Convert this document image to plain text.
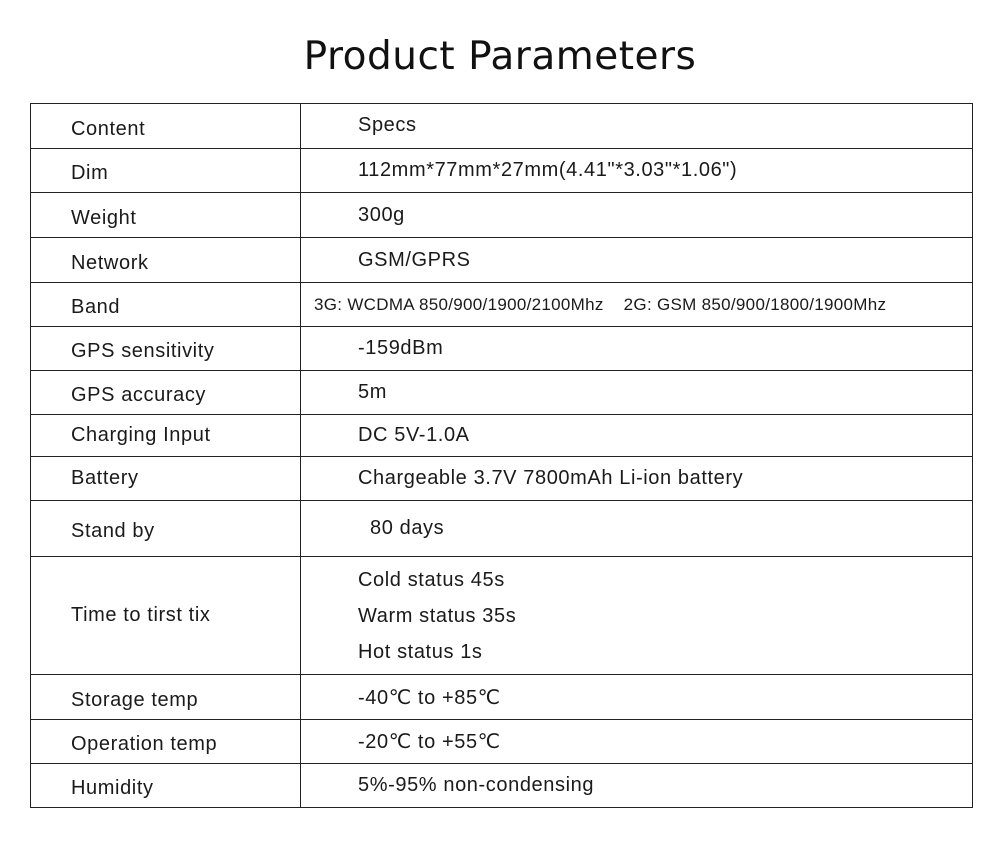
Product Parameters
Content	Specs
Dim	112mm*77mm*27mm(4.41"*3.03"*1.06")
Weight	300g
Network	GSM/GPRS
Band	3G: WCDMA 850/900/1900/2100Mhz 2G: GSM 850/900/1800/1900Mhz
GPS sensitivity	-159dBm
GPS accuracy	5m
Charging Input	DC 5V-1.0A
Battery	Chargeable 3.7V 7800mAh Li-ion battery
Stand by	80 days
Time to tirst tix	Cold status 45s
Warm status 35s
Hot status 1s

Storage temp	-40℃ to +85℃
Operation temp	-20℃ to +55℃
Humidity	5%-95% non-condensing
